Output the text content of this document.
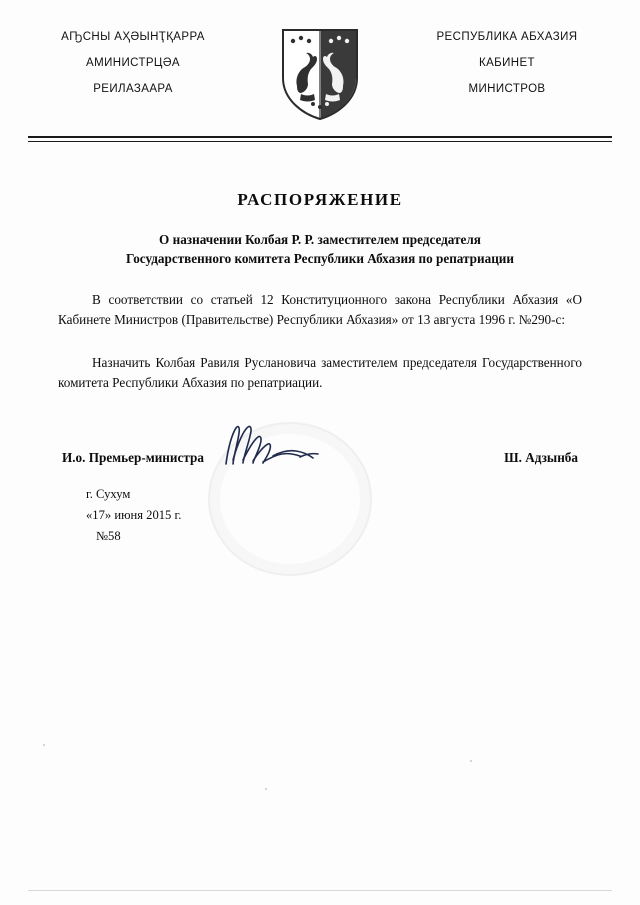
АҦСНЫ АҲӘЫНҬҚАРРА
АМИНИСТРЦӘА
РЕИЛАЗААРА
РЕСПУБЛИКА АБХАЗИЯ
КАБИНЕТ
МИНИСТРОВ
РАСПОРЯЖЕНИЕ
О назначении Колбая Р. Р. заместителем председателя
Государственного комитета Республики Абхазия по репатриации
В соответствии со статьей 12 Конституционного закона Республики Абхазия «О Кабинете Министров (Правительстве) Республики Абхазия» от 13 августа 1996 г. №290-с:
Назначить Колбая Равиля Руслановича заместителем председателя Государственного комитета Республики Абхазия по репатриации.
И.о. Премьер-министра	Ш. Адзынба
г. Сухум
«17» июня 2015 г.
№58
